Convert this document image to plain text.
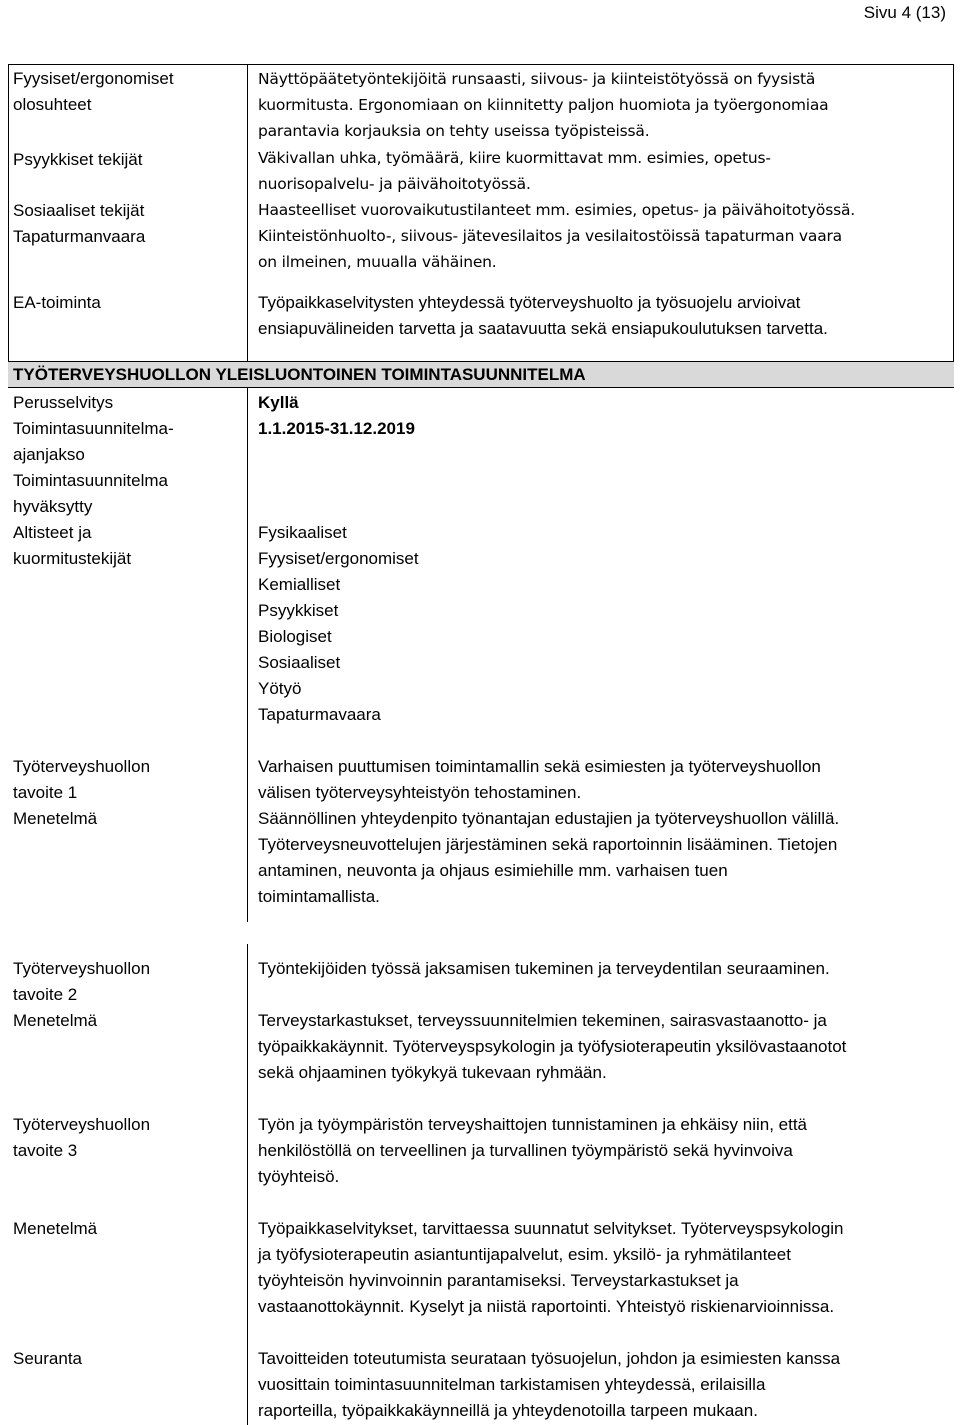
Sivu 4 (13)
Fyysiset/ergonomiset
olosuhteet
Psyykkiset tekijät
Sosiaaliset tekijät
Tapaturmanvaara
EA-toiminta
Näyttöpäätetyöntekijöitä runsaasti, siivous- ja kiinteistötyössä on fyysistä
kuormitusta. Ergonomiaan on kiinnitetty paljon huomiota ja työergonomiaa
parantavia korjauksia on tehty useissa työpisteissä.
Väkivallan uhka, työmäärä, kiire kuormittavat mm. esimies, opetus-
nuorisopalvelu- ja päivähoitotyössä.
Haasteelliset vuorovaikutustilanteet mm. esimies, opetus- ja päivähoitotyössä.
Kiinteistönhuolto-, siivous- jätevesilaitos ja vesilaitostöissä tapaturman vaara
on ilmeinen, muualla vähäinen.
Työpaikkaselvitysten yhteydessä työterveyshuolto ja työsuojelu arvioivat
ensiapuvälineiden tarvetta ja saatavuutta sekä ensiapukoulutuksen tarvetta.
TYÖTERVEYSHUOLLON YLEISLUONTOINEN TOIMINTASUUNNITELMA
Perusselvitys
Toimintasuunnitelma-
ajanjakso
Toimintasuunnitelma
hyväksytty
Altisteet ja
kuormitustekijät
Työterveyshuollon
tavoite 1
Menetelmä
Työterveyshuollon
tavoite 2
Menetelmä
Työterveyshuollon
tavoite 3
Menetelmä
Seuranta
Kyllä
1.1.2015-31.12.2019
Fysikaaliset
Fyysiset/ergonomiset
Kemialliset
Psyykkiset
Biologiset
Sosiaaliset
Yötyö
Tapaturmavaara
Varhaisen puuttumisen toimintamallin sekä esimiesten ja työterveyshuollon
välisen työterveysyhteistyön tehostaminen.
Säännöllinen yhteydenpito työnantajan edustajien ja työterveyshuollon välillä.
Työterveysneuvottelujen järjestäminen sekä raportoinnin lisääminen. Tietojen
antaminen, neuvonta ja ohjaus esimiehille mm. varhaisen tuen
toimintamallista.
Työntekijöiden työssä jaksamisen tukeminen ja terveydentilan seuraaminen.
Terveystarkastukset, terveyssuunnitelmien tekeminen, sairasvastaanotto- ja
työpaikkakäynnit. Työterveyspsykologin ja työfysioterapeutin yksilövastaanotot
sekä ohjaaminen työkykyä tukevaan ryhmään.
Työn ja työympäristön terveyshaittojen tunnistaminen ja ehkäisy niin, että
henkilöstöllä on terveellinen ja turvallinen työympäristö sekä hyvinvoiva
työyhteisö.
Työpaikkaselvitykset, tarvittaessa suunnatut selvitykset. Työterveyspsykologin
ja työfysioterapeutin asiantuntijapalvelut, esim. yksilö- ja ryhmätilanteet
työyhteisön hyvinvoinnin parantamiseksi. Terveystarkastukset ja
vastaanottokäynnit. Kyselyt ja niistä raportointi. Yhteistyö riskienarvioinnissa.
Tavoitteiden toteutumista seurataan työsuojelun, johdon ja esimiesten kanssa
vuosittain toimintasuunnitelman tarkistamisen yhteydessä, erilaisilla
raporteilla, työpaikkakäynneillä ja yhteydenotoilla tarpeen mukaan.
